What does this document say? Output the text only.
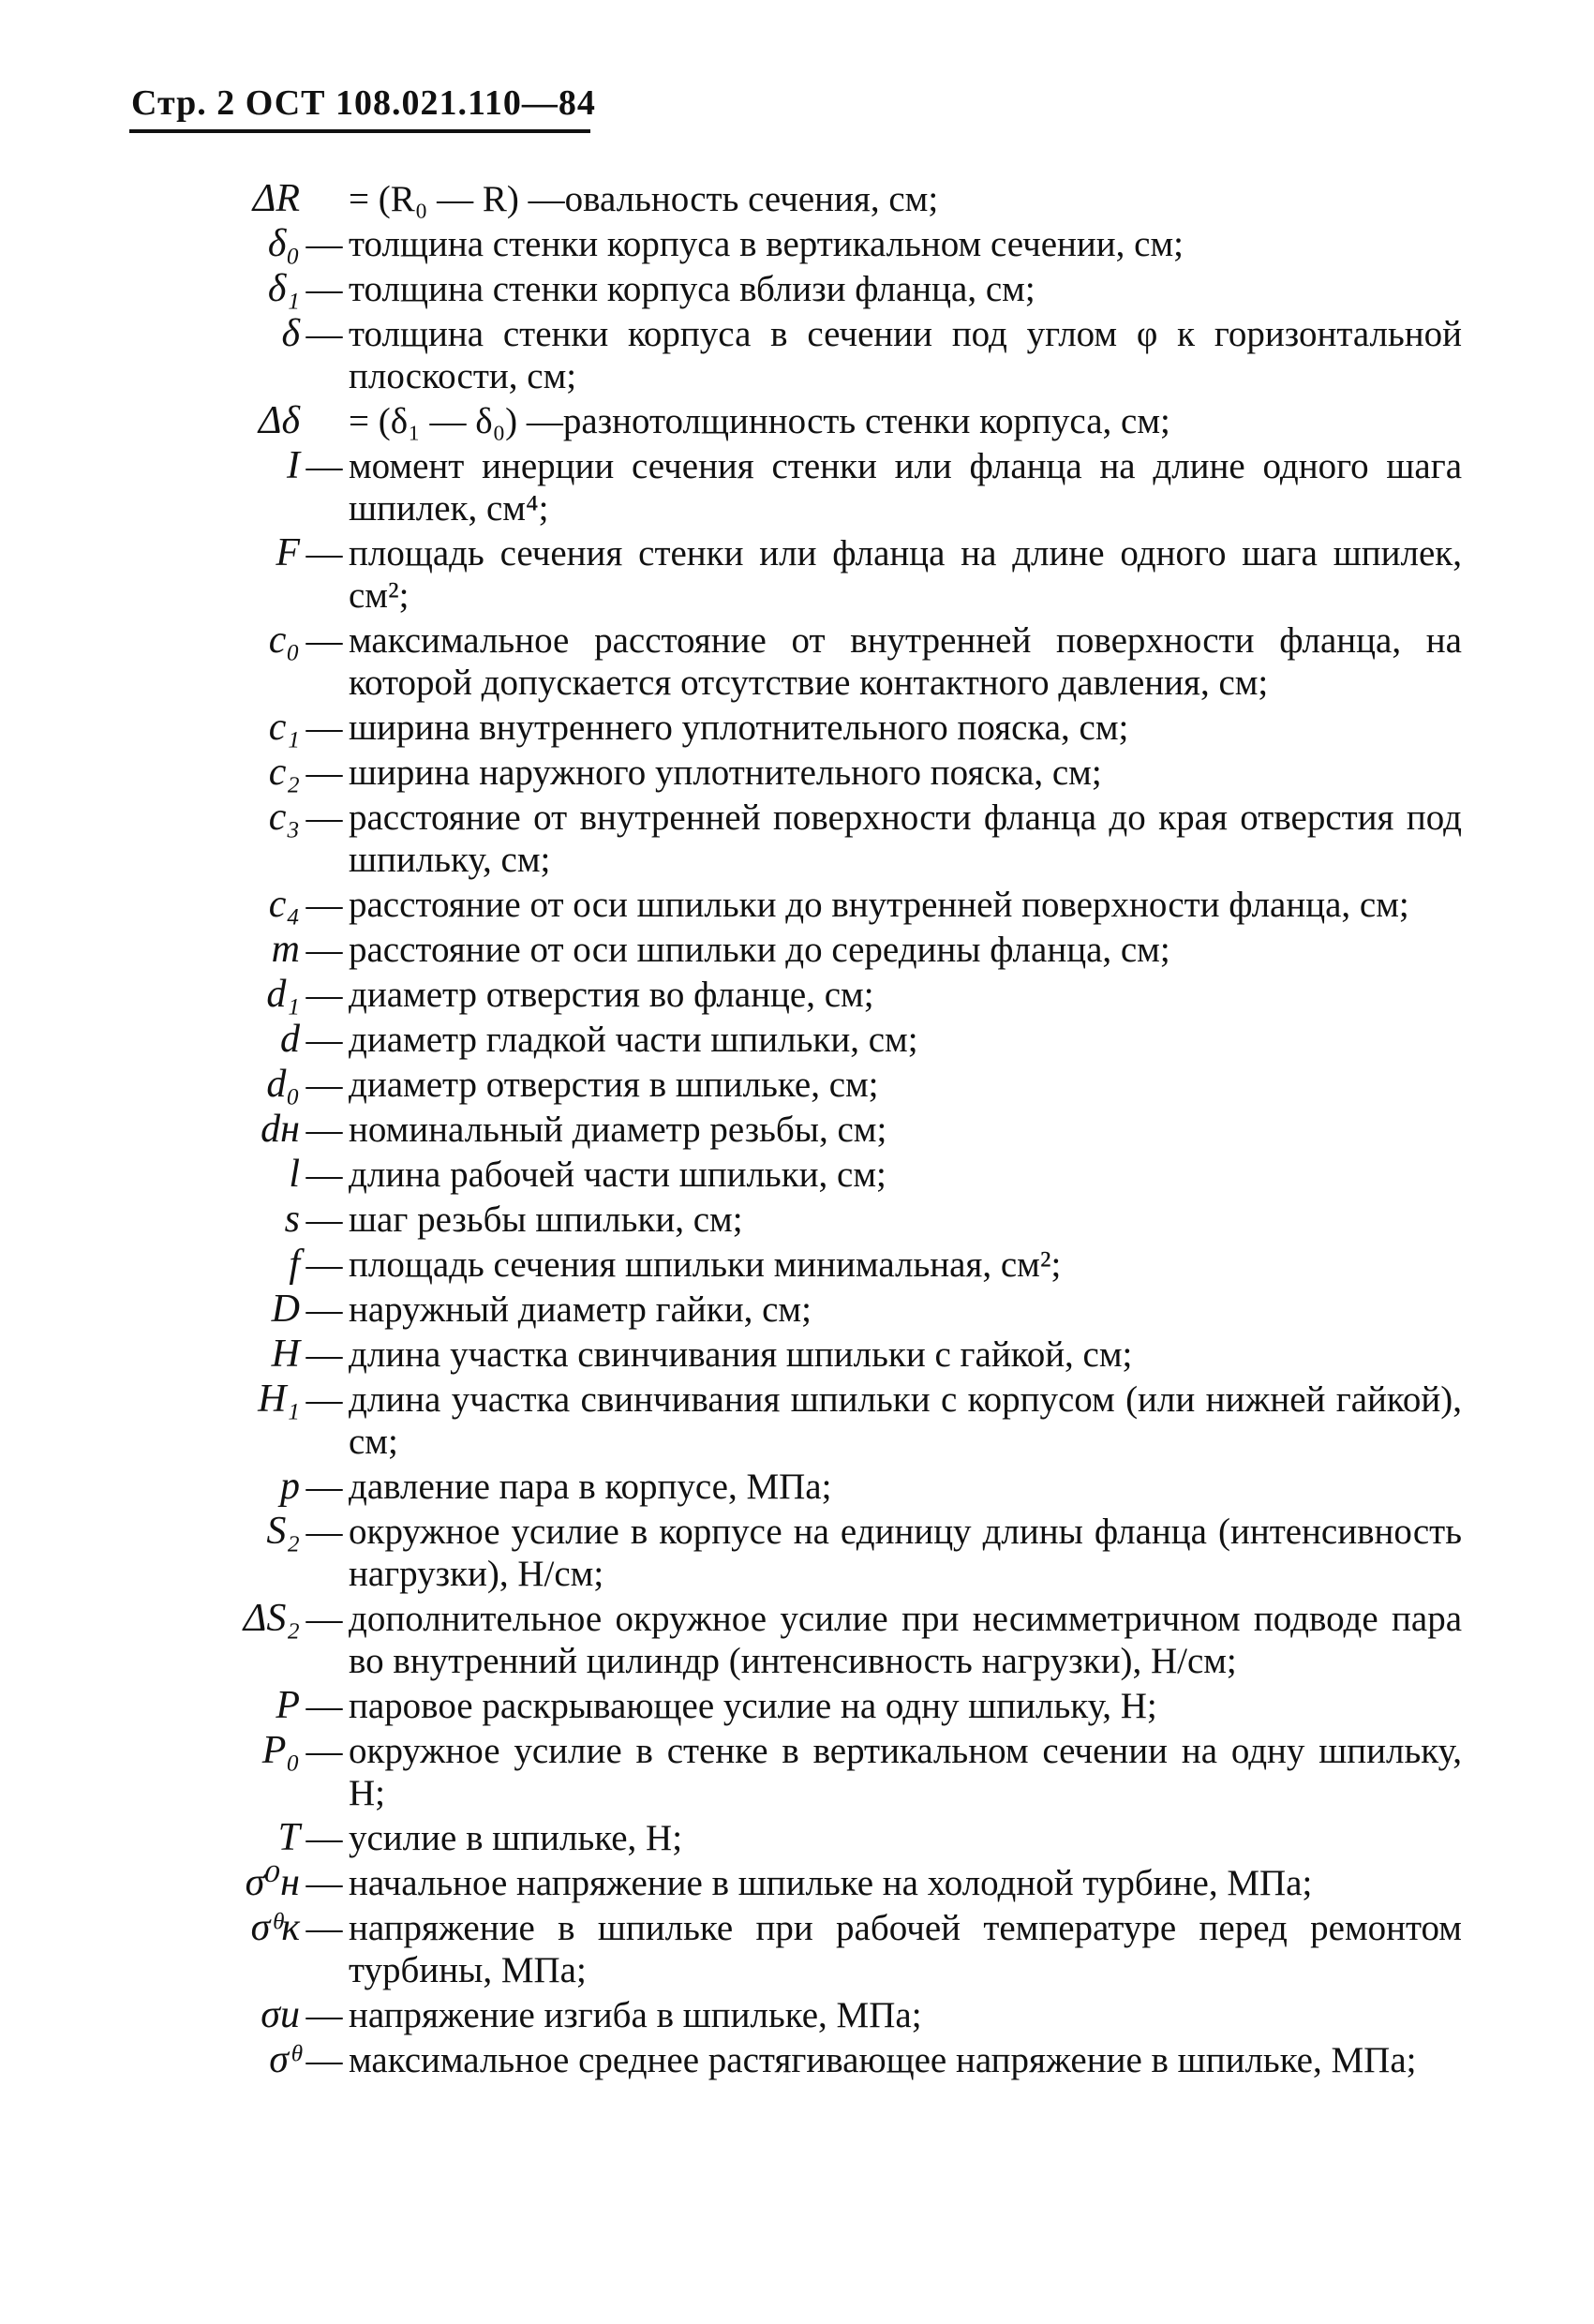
Стр. 2 ОСТ 108.021.110—84
ΔR = (R₀ — R) —овальность сечения, см;
δ₀ — толщина стенки корпуса в вертикальном сечении, см;
δ₁ — толщина стенки корпуса вблизи фланца, см;
δ — толщина стенки корпуса в сечении под углом φ к горизонтальной плоскости, см;
Δδ = (δ₁ — δ₀) —разнотолщинность стенки корпуса, см;
I — момент инерции сечения стенки или фланца на длине одного шага шпилек, см⁴;
F — площадь сечения стенки или фланца на длине одного шага шпилек, см²;
c₀ — максимальное расстояние от внутренней поверхности фланца, на которой допускается отсутствие контактного давления, см;
c₁ — ширина внутреннего уплотнительного пояска, см;
c₂ — ширина наружного уплотнительного пояска, см;
c₃ — расстояние от внутренней поверхности фланца до края отверстия под шпильку, см;
c₄ — расстояние от оси шпильки до внутренней поверхности фланца, см;
m — расстояние от оси шпильки до середины фланца, см;
d₁ — диаметр отверстия во фланце, см;
d — диаметр гладкой части шпильки, см;
d₀ — диаметр отверстия в шпильке, см;
dн — номинальный диаметр резьбы, см;
l — длина рабочей части шпильки, см;
s — шаг резьбы шпильки, см;
f — площадь сечения шпильки минимальная, см²;
D — наружный диаметр гайки, см;
H — длина участка свинчивания шпильки с гайкой, см;
H₁ — длина участка свинчивания шпильки с корпусом (или нижней гайкой), см;
p — давление пара в корпусе, МПа;
S₂ — окружное усилие в корпусе на единицу длины фланца (интенсивность нагрузки), Н/см;
ΔS₂ — дополнительное окружное усилие при несимметричном подводе пара во внутренний цилиндр (интенсивность нагрузки), Н/см;
P — паровое раскрывающее усилие на одну шпильку, Н;
P₀ — окружное усилие в стенке в вертикальном сечении на одну шпильку, Н;
T — усилие в шпильке, Н;
σ⁰н — начальное напряжение в шпильке на холодной турбине, МПа;
σᶿк — напряжение в шпильке при рабочей температуре перед ремонтом турбины, МПа;
σи — напряжение изгиба в шпильке, МПа;
σᶿ — максимальное среднее растягивающее напряжение в шпильке, МПа;
